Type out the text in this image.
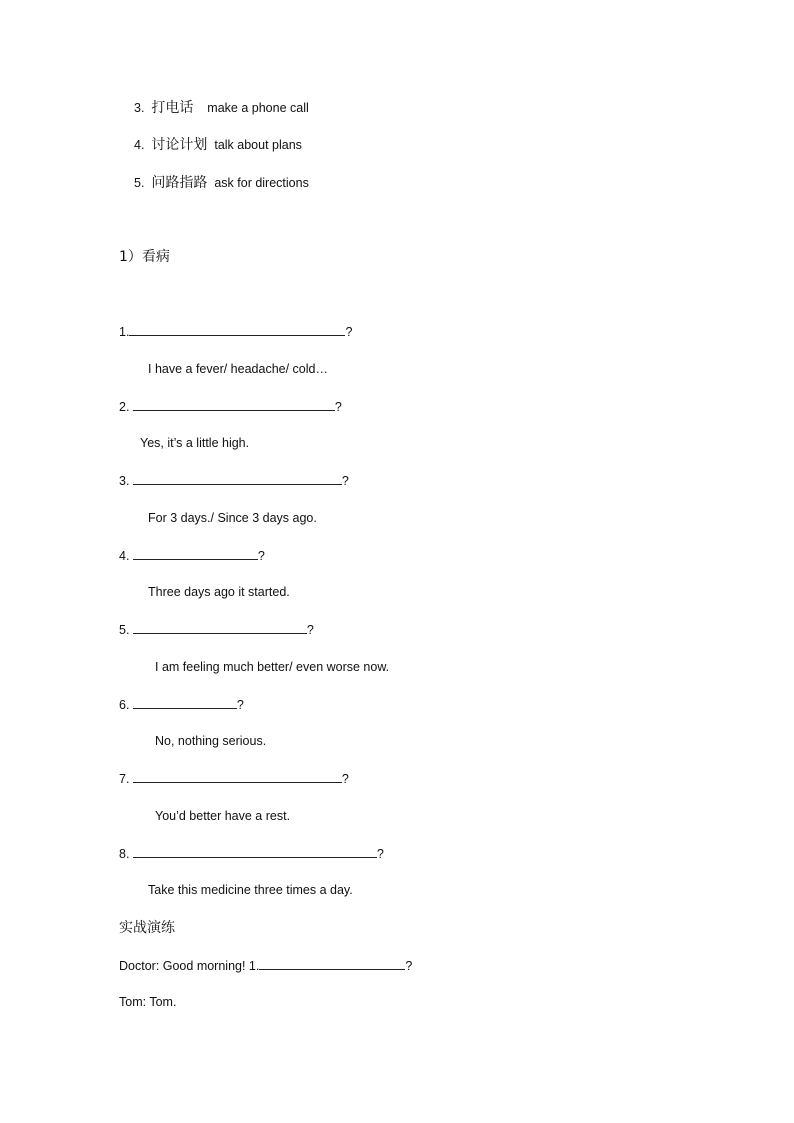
3. 打电话 make a phone call
4. 讨论计划 talk about plans
5. 问路指路 ask for directions
1）看病
1.	?
I have a fever/ headache/ cold…
2.	?
Yes, it’s a little high.
3.	?
For 3 days./ Since 3 days ago.
4.	?
Three days ago it started.
5.	?
I am feeling much better/ even worse now.
6.	?
No, nothing serious.
7.	?
You’d better have a rest.
8.	?
Take this medicine three times a day.
实战演练
Doctor: Good morning! 1.	?
Tom: Tom.
